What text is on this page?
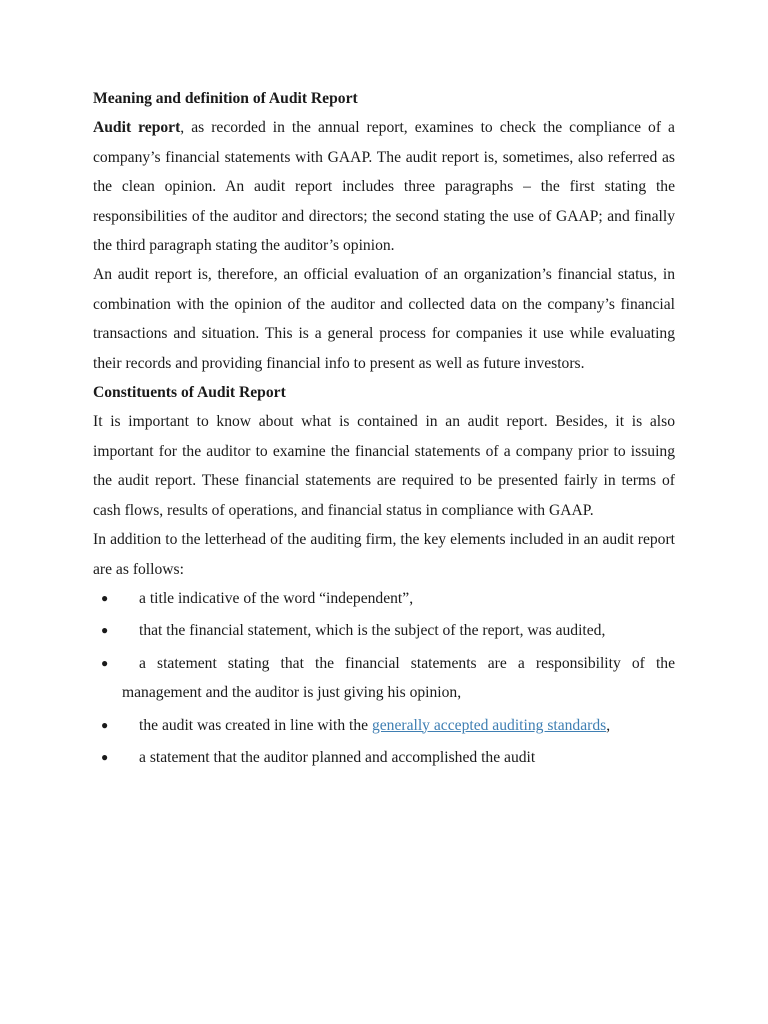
Meaning and definition of Audit Report

Audit report, as recorded in the annual report, examines to check the compliance of a company’s financial statements with GAAP. The audit report is, sometimes, also referred as the clean opinion. An audit report includes three paragraphs – the first stating the responsibilities of the auditor and directors; the second stating the use of GAAP; and finally the third paragraph stating the auditor’s opinion.

An audit report is, therefore, an official evaluation of an organization’s financial status, in combination with the opinion of the auditor and collected data on the company’s financial transactions and situation. This is a general process for companies it use while evaluating their records and providing financial info to present as well as future investors.

Constituents of Audit Report

It is important to know about what is contained in an audit report. Besides, it is also important for the auditor to examine the financial statements of a company prior to issuing the audit report. These financial statements are required to be presented fairly in terms of cash flows, results of operations, and financial status in compliance with GAAP.

In addition to the letterhead of the auditing firm, the key elements included in an audit report are as follows:

● a title indicative of the word “independent”,
● that the financial statement, which is the subject of the report, was audited,
● a statement stating that the financial statements are a responsibility of the management and the auditor is just giving his opinion,
● the audit was created in line with the generally accepted auditing standards,
● a statement that the auditor planned and accomplished the audit
